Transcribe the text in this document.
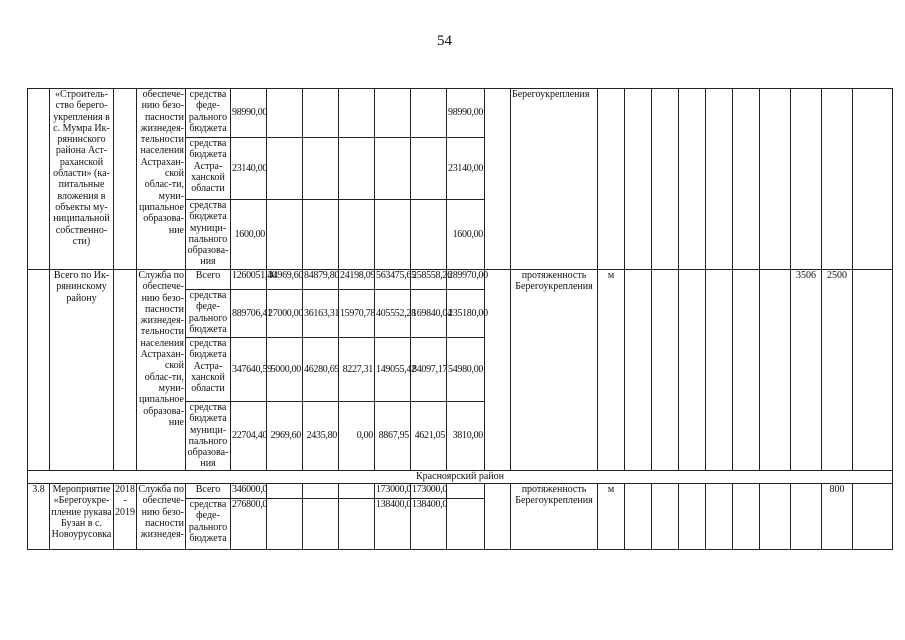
54
	«Строитель-ство берего-укрепления в с. Мумра Ик-рянинского района Аст-раханской области» (ка-питальные вложения в объекты му-ниципальной собственно-сти)		обеспече-нию безо-пасности жизнедея-тельности населения Астрахан-ской облас-ти, муни-ципальное образова-ние	средства феде-рального бюджета	98990,00						98990,00		Берегоукрепления										
				средства бюджета Астра-ханской области	23140,00						23140,00												
				средства бюджета муници-пального образова-ния	1600,00						1600,00												
	Всего по Ик-рянинскому району		Служба по обеспече-нию безо-пасности жизнедея-тельности населения Астрахан-ской облас-ти, муни-ципальное образова-ние	Всего	1260051,40	34969,60	84879,80	24198,09	563475,65	258558,26	289970,00		протяженность Берегоукрепления	м							3506	2500	
				средства феде-рального бюджета	889706,41	27000,00	36163,31	15970,78	405552,28	169840,04	235180,00												
				средства бюджета Астра-ханской области	347640,59	5000,00	46280,69	8227,31	149055,42	84097,17	54980,00												
				средства бюджета муници-пального образова-ния	22704,40	2969,60	2435,80	0,00	8867,95	4621,05	3810,00												
Красноярский район																							
3.8	Мероприятие «Берегоукре-пление рукава Бузан в с. Новоурусовка	2018 - 2019	Служба по обеспече-нию безо-пасности жизнедея-	Всего	346000,0				173000,0	173000,0			протяженность Берегоукрепления	м								800	
				средства феде-рального бюджета	276800,0				138400,0	138400,0													
